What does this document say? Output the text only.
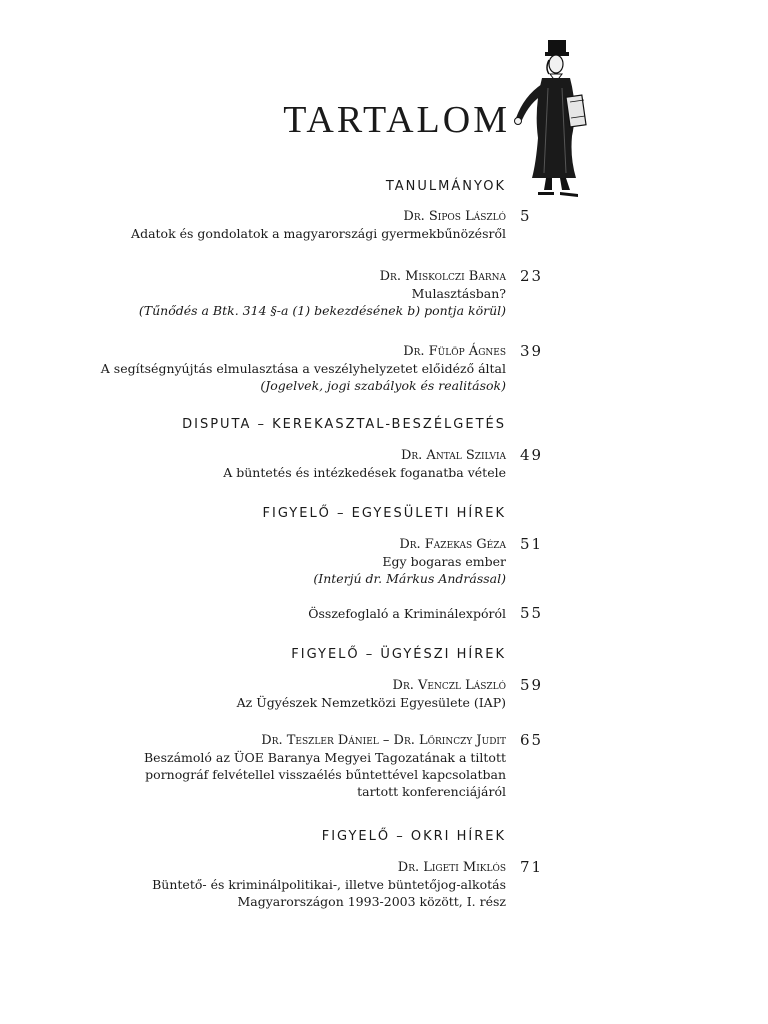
TARTALOM
TANULMÁNYOK
Dr. Sipos László
Adatok és gondolatok a magyarországi gyermekbűnözésről
5
Dr. Miskolczi Barna
Mulasztásban?
(Tűnődés a Btk. 314 §-a (1) bekezdésének b) pontja körül)
23
Dr. Fülöp Ágnes
A segítségnyújtás elmulasztása a veszélyhelyzetet előidéző által
(Jogelvek, jogi szabályok és realitások)
39
DISPUTA – KEREKASZTAL-BESZÉLGETÉS
Dr. Antal Szilvia
A büntetés és intézkedések foganatba vétele
49
FIGYELŐ – EGYESÜLETI HÍREK
Dr. Fazekas Géza
Egy bogaras ember
(Interjú dr. Márkus Andrással)
51
Összefoglaló a Kriminálexpóról 55
FIGYELŐ – ÜGYÉSZI HÍREK
Dr. Venczl László
Az Ügyészek Nemzetközi Egyesülete (IAP)
59
Dr. Teszler Dániel – Dr. Lőrinczy Judit
Beszámoló az ÜOE Baranya Megyei Tagozatának a tiltott
pornográf felvétellel visszaélés bűntettével kapcsolatban
tartott konferenciájáról
65
FIGYELŐ – OKRI HÍREK
Dr. Ligeti Miklós
Büntető- és kriminálpolitikai-, illetve büntetőjog-alkotás
Magyarországon 1993-2003 között, I. rész
71
